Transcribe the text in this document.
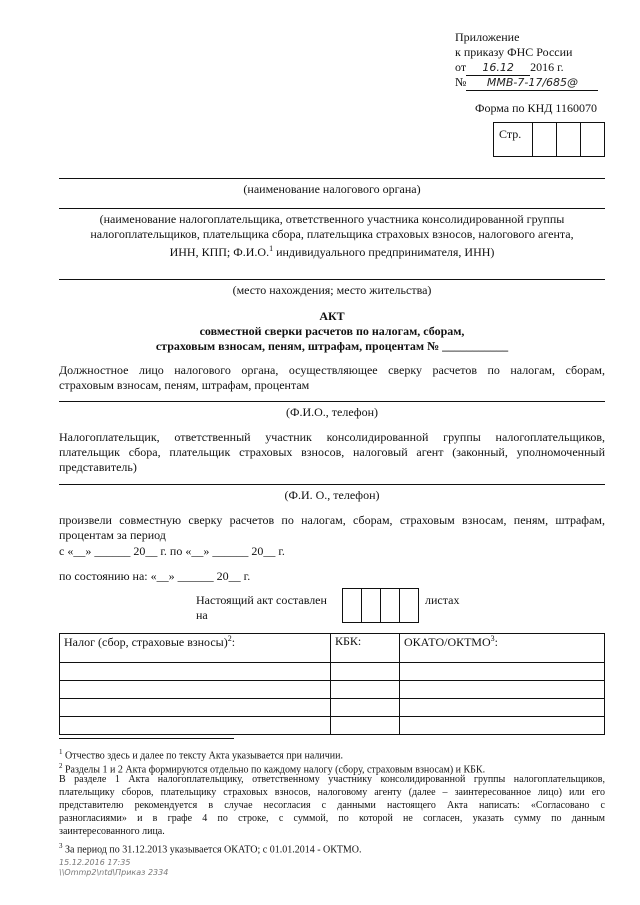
Приложение
к приказу ФНС России
от 16.12 2016 г.
№ ММВ-7-17/685@
Форма по КНД 1160070
Стр.
(наименование налогового органа)
(наименование налогоплательщика, ответственного участника консолидированной группы
налогоплательщиков, плательщика сбора, плательщика страховых взносов, налогового агента,
ИНН, КПП; Ф.И.О.$^1$ индивидуального предпринимателя, ИНН)
(место нахождения; место жительства)
АКТ
совместной сверки расчетов по налогам, сборам,
страховым взносам, пеням, штрафам, процентам № ___________
Должностное лицо налогового органа, осуществляющее сверку расчетов по налогам, сборам,
страховым взносам, пеням, штрафам, процентам
(Ф.И.О., телефон)
Налогоплательщик, ответственный участник консолидированной группы налогоплательщиков,
плательщик сбора, плательщик страховых взносов, налоговый агент (законный, уполномоченный
представитель)
(Ф.И. О., телефон)
произвели совместную сверку расчетов по налогам, сборам, страховым взносам, пеням, штрафам,
процентам за период
с «__» ______ 20__ г. по «__» ______ 20__ г.
по состоянию на: «__» ______ 20__ г.
Настоящий акт составлен
на
листах
Налог (сбор, страховые взносы)$^2$:	КБК:	ОКАТО/ОКТМО$^3$:

$^1$ Отчество здесь и далее по тексту Акта указывается при наличии.
$^2$ Разделы 1 и 2 Акта формируются отдельно по каждому налогу (сбору, страховым взносам) и КБК.
В разделе 1 Акта налогоплательщику, ответственному участнику консолидированной группы налогоплательщиков,
плательщику сборов, плательщику страховых взносов, налоговому агенту (далее – заинтересованное лицо) или его
представителю рекомендуется в случае несогласия с данными настоящего Акта написать: «Согласовано с
разногласиями» и в графе 4 по строке, с суммой, по которой не согласен, указать сумму по данным
заинтересованного лица.
$^3$ За период по 31.12.2013 указывается ОКАТО; с 01.01.2014 - ОКТМО.
15.12.2016 17:35
\\Ommp2\ntd\Приказ 2334
